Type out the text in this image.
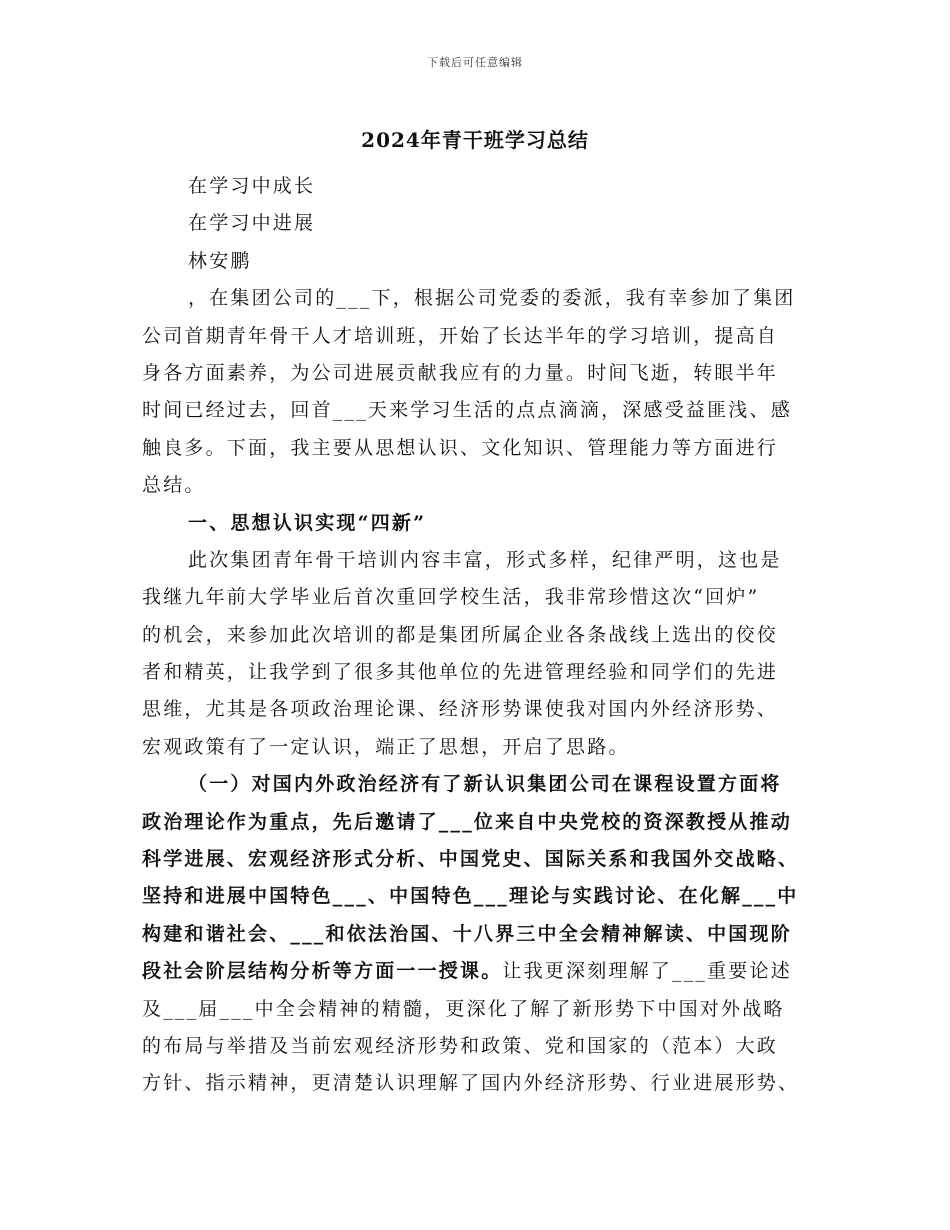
下载后可任意编辑
2024年青干班学习总结
在学习中成长
在学习中进展
林安鹏
，在集团公司的___下，根据公司党委的委派，我有幸参加了集团
公司首期青年骨干人才培训班，开始了长达半年的学习培训，提高自
身各方面素养，为公司进展贡献我应有的力量。时间飞逝，转眼半年
时间已经过去，回首___天来学习生活的点点滴滴，深感受益匪浅、感
触良多。下面，我主要从思想认识、文化知识、管理能力等方面进行
总结。
一、思想认识实现“四新”
此次集团青年骨干培训内容丰富，形式多样，纪律严明，这也是
我继九年前大学毕业后首次重回学校生活，我非常珍惜这次“回炉”
的机会，来参加此次培训的都是集团所属企业各条战线上选出的佼佼
者和精英，让我学到了很多其他单位的先进管理经验和同学们的先进
思维，尤其是各项政治理论课、经济形势课使我对国内外经济形势、
宏观政策有了一定认识，端正了思想，开启了思路。
（一）对国内外政治经济有了新认识集团公司在课程设置方面将
政治理论作为重点，先后邀请了___位来自中央党校的资深教授从推动
科学进展、宏观经济形式分析、中国党史、国际关系和我国外交战略、
坚持和进展中国特色___、中国特色___理论与实践讨论、在化解___中
构建和谐社会、___和依法治国、十八界三中全会精神解读、中国现阶
段社会阶层结构分析等方面一一授课。让我更深刻理解了___重要论述
及___届___中全会精神的精髓，更深化了解了新形势下中国对外战略
的布局与举措及当前宏观经济形势和政策、党和国家的（范本）大政
方针、指示精神，更清楚认识理解了国内外经济形势、行业进展形势、
